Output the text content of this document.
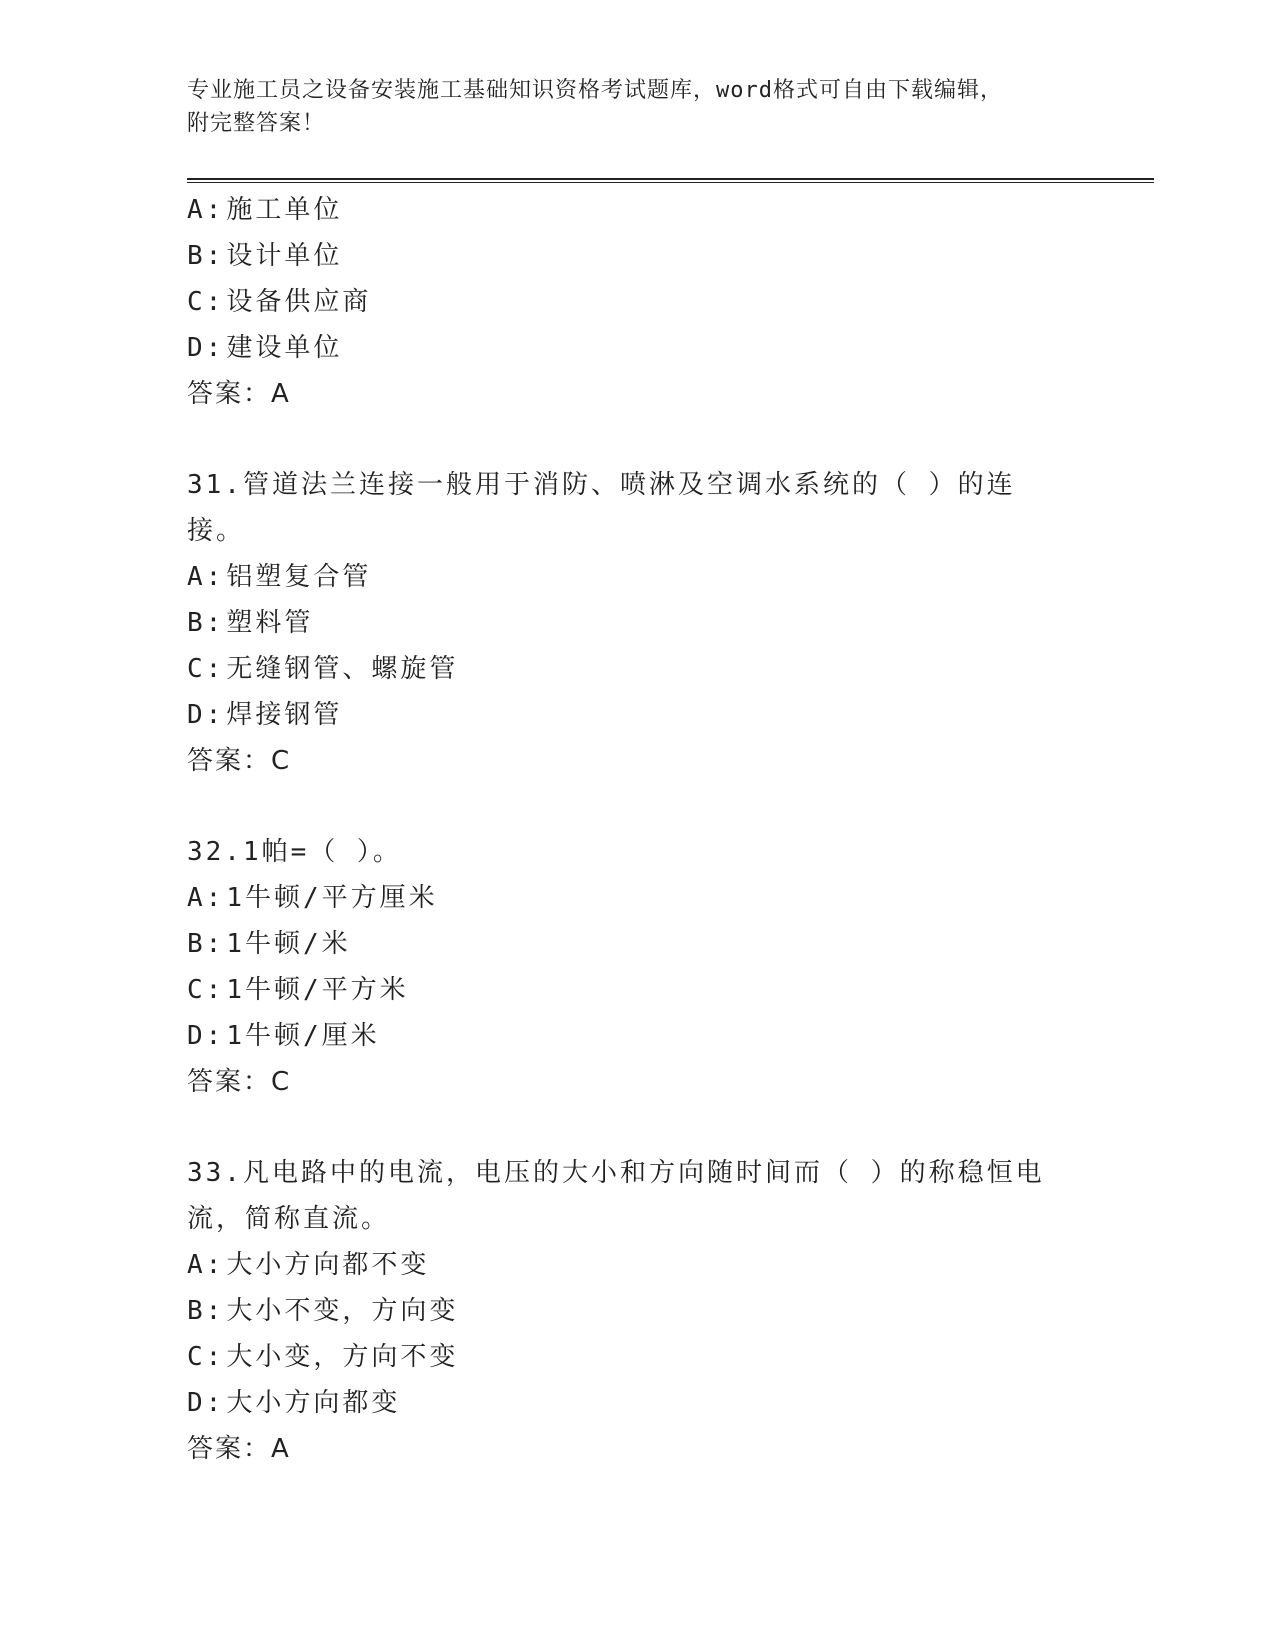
专业施工员之设备安装施工基础知识资格考试题库，word格式可自由下载编辑，
附完整答案！
A:施工单位
B:设计单位
C:设备供应商
D:建设单位
答案：A
31.管道法兰连接一般用于消防、喷淋及空调水系统的（ ）的连接。
A:铝塑复合管
B:塑料管
C:无缝钢管、螺旋管
D:焊接钢管
答案：C
32.1帕=（ ）。
A:1牛顿/平方厘米
B:1牛顿/米
C:1牛顿/平方米
D:1牛顿/厘米
答案：C
33.凡电路中的电流，电压的大小和方向随时间而（ ）的称稳恒电流，简称直流。
A:大小方向都不变
B:大小不变，方向变
C:大小变，方向不变
D:大小方向都变
答案：A
